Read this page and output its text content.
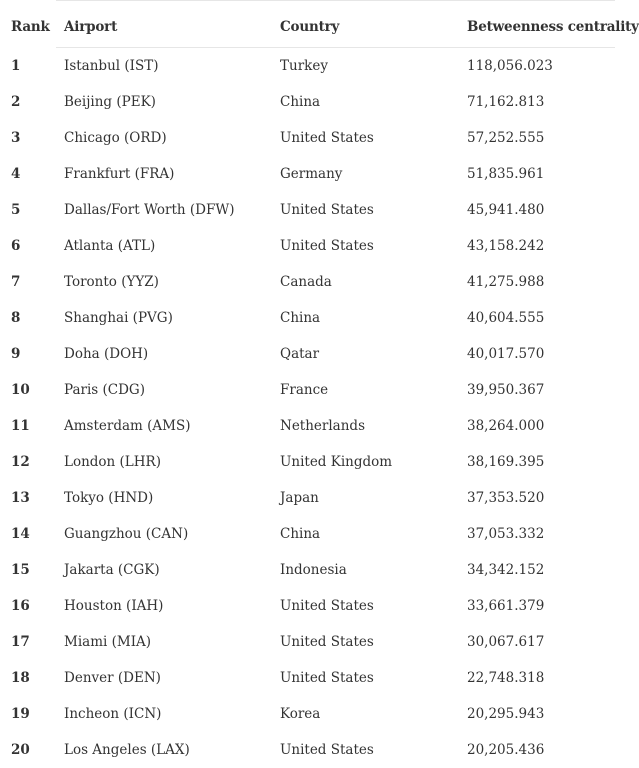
Rank	Airport	Country	Betweenness centrality
1	Istanbul (IST)	Turkey	118,056.023
2	Beijing (PEK)	China	71,162.813
3	Chicago (ORD)	United States	57,252.555
4	Frankfurt (FRA)	Germany	51,835.961
5	Dallas/Fort Worth (DFW)	United States	45,941.480
6	Atlanta (ATL)	United States	43,158.242
7	Toronto (YYZ)	Canada	41,275.988
8	Shanghai (PVG)	China	40,604.555
9	Doha (DOH)	Qatar	40,017.570
10	Paris (CDG)	France	39,950.367
11	Amsterdam (AMS)	Netherlands	38,264.000
12	London (LHR)	United Kingdom	38,169.395
13	Tokyo (HND)	Japan	37,353.520
14	Guangzhou (CAN)	China	37,053.332
15	Jakarta (CGK)	Indonesia	34,342.152
16	Houston (IAH)	United States	33,661.379
17	Miami (MIA)	United States	30,067.617
18	Denver (DEN)	United States	22,748.318
19	Incheon (ICN)	Korea	20,295.943
20	Los Angeles (LAX)	United States	20,205.436
